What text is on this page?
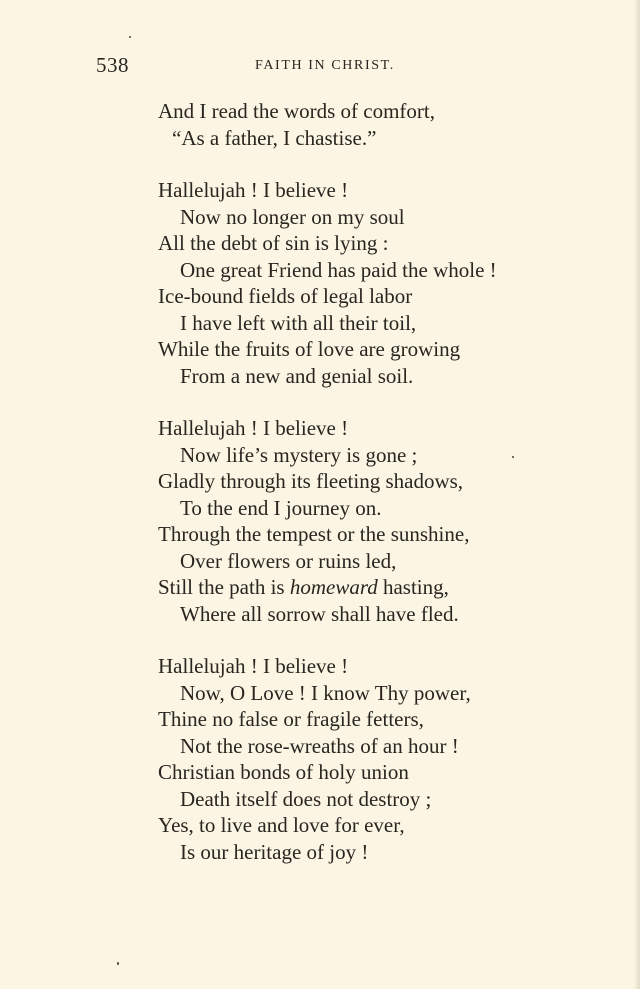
538	FAITH IN CHRIST.
And I read the words of comfort,
“As a father, I chastise.”
Hallelujah ! I believe !
Now no longer on my soul
All the debt of sin is lying :
One great Friend has paid the whole !
Ice-bound fields of legal labor
I have left with all their toil,
While the fruits of love are growing
From a new and genial soil.
Hallelujah ! I believe !
Now life’s mystery is gone ;
Gladly through its fleeting shadows,
To the end I journey on.
Through the tempest or the sunshine,
Over flowers or ruins led,
Still the path is homeward hasting,
Where all sorrow shall have fled.
Hallelujah ! I believe !
Now, O Love ! I know Thy power,
Thine no false or fragile fetters,
Not the rose-wreaths of an hour !
Christian bonds of holy union
Death itself does not destroy ;
Yes, to live and love for ever,
Is our heritage of joy !
